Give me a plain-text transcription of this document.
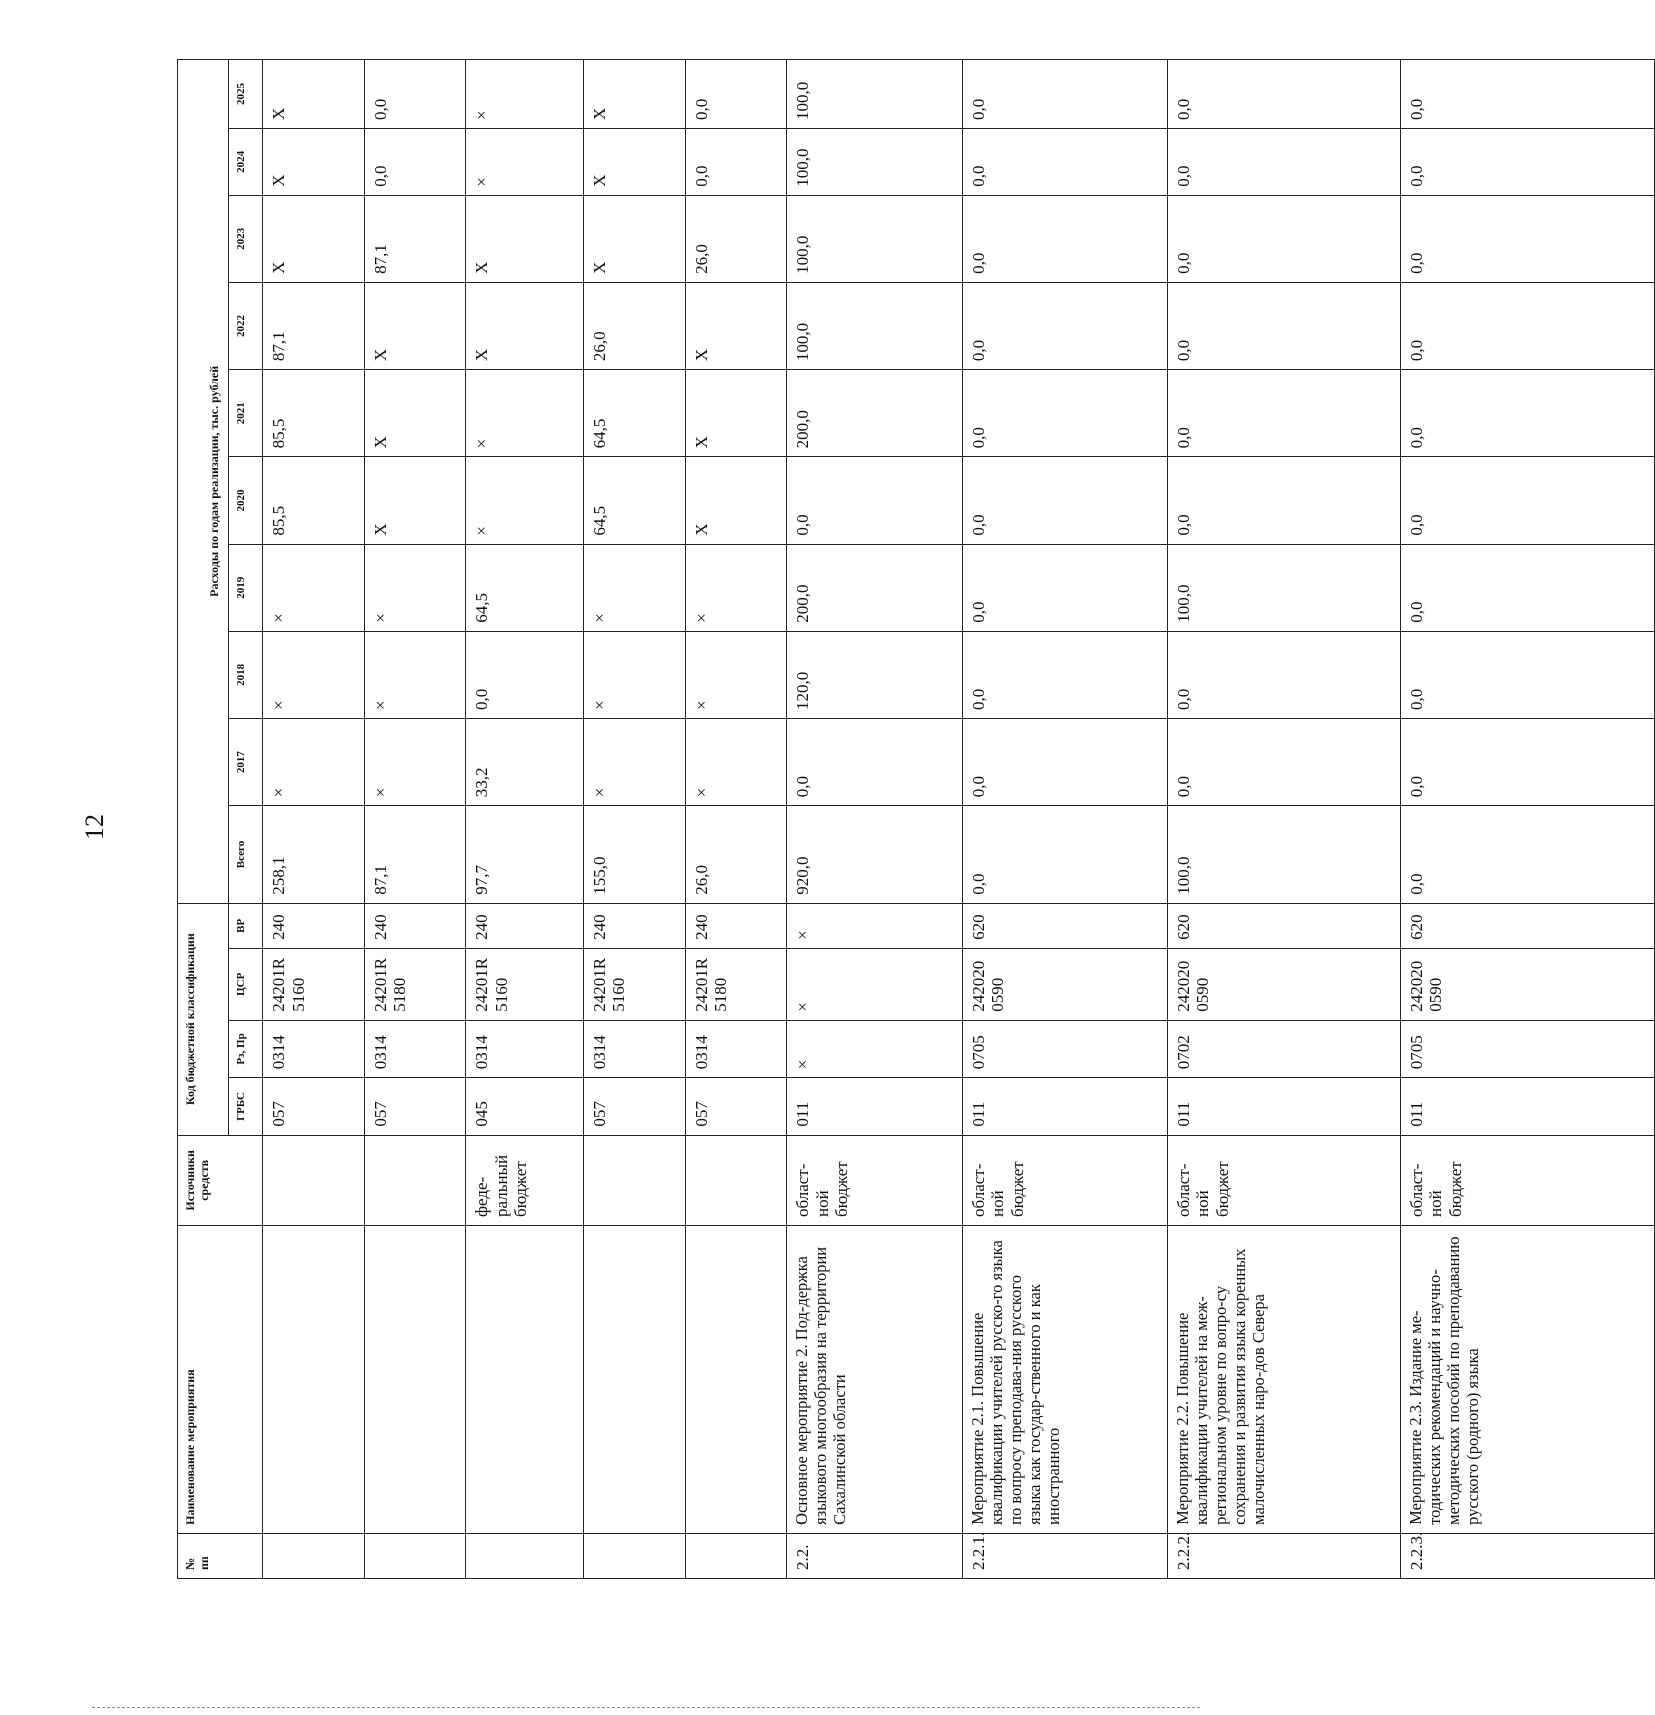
12
№ пп	Наименование мероприятия	Источники средств	Код бюджетной классификации				Расходы по годам реализации, тыс. рублей									
			ГРБС	Рз, Пр	ЦСР	ВР	Всего	2017	2018	2019	2020	2021	2022	2023	2024	2025
			057	0314	24201R 5160	240	258,1	×	×	×	85,5	85,5	87,1	X	X	X
			057	0314	24201R 5180	240	87,1	×	×	×	X	X	X	87,1	0,0	0,0
		феде-ральный бюджет	045	0314	24201R 5160	240	97,7	33,2	0,0	64,5	×	×	X	X	×	×
			057	0314	24201R 5160	240	155,0	×	×	×	64,5	64,5	26,0	X	X	X
			057	0314	24201R 5180	240	26,0	×	×	×	X	X	X	26,0	0,0	0,0
2.2.	Основное мероприятие 2. Под-держка языкового многообразия на территории Сахалинской области	област-ной бюджет	011	×	×	×	920,0	0,0	120,0	200,0	0,0	200,0	100,0	100,0	100,0	100,0
2.2.1.	Мероприятие 2.1. Повышение квалификации учителей русско-го языка по вопросу преподава-ния русского языка как государ-ственного и как иностранного	област-ной бюджет	011	0705	242020 0590	620	0,0	0,0	0,0	0,0	0,0	0,0	0,0	0,0	0,0	0,0
2.2.2.	Мероприятие 2.2. Повышение квалификации учителей на меж-региональном уровне по вопро-су сохранения и развития языка коренных малочисленных наро-дов Севера	област-ной бюджет	011	0702	242020 0590	620	100,0	0,0	0,0	100,0	0,0	0,0	0,0	0,0	0,0	0,0
2.2.3.	Мероприятие 2.3. Издание ме-тодических рекомендаций и научно-методических пособий по преподаванию русского (родного) языка	област-ной бюджет	011	0705	242020 0590	620	0,0	0,0	0,0	0,0	0,0	0,0	0,0	0,0	0,0	0,0
